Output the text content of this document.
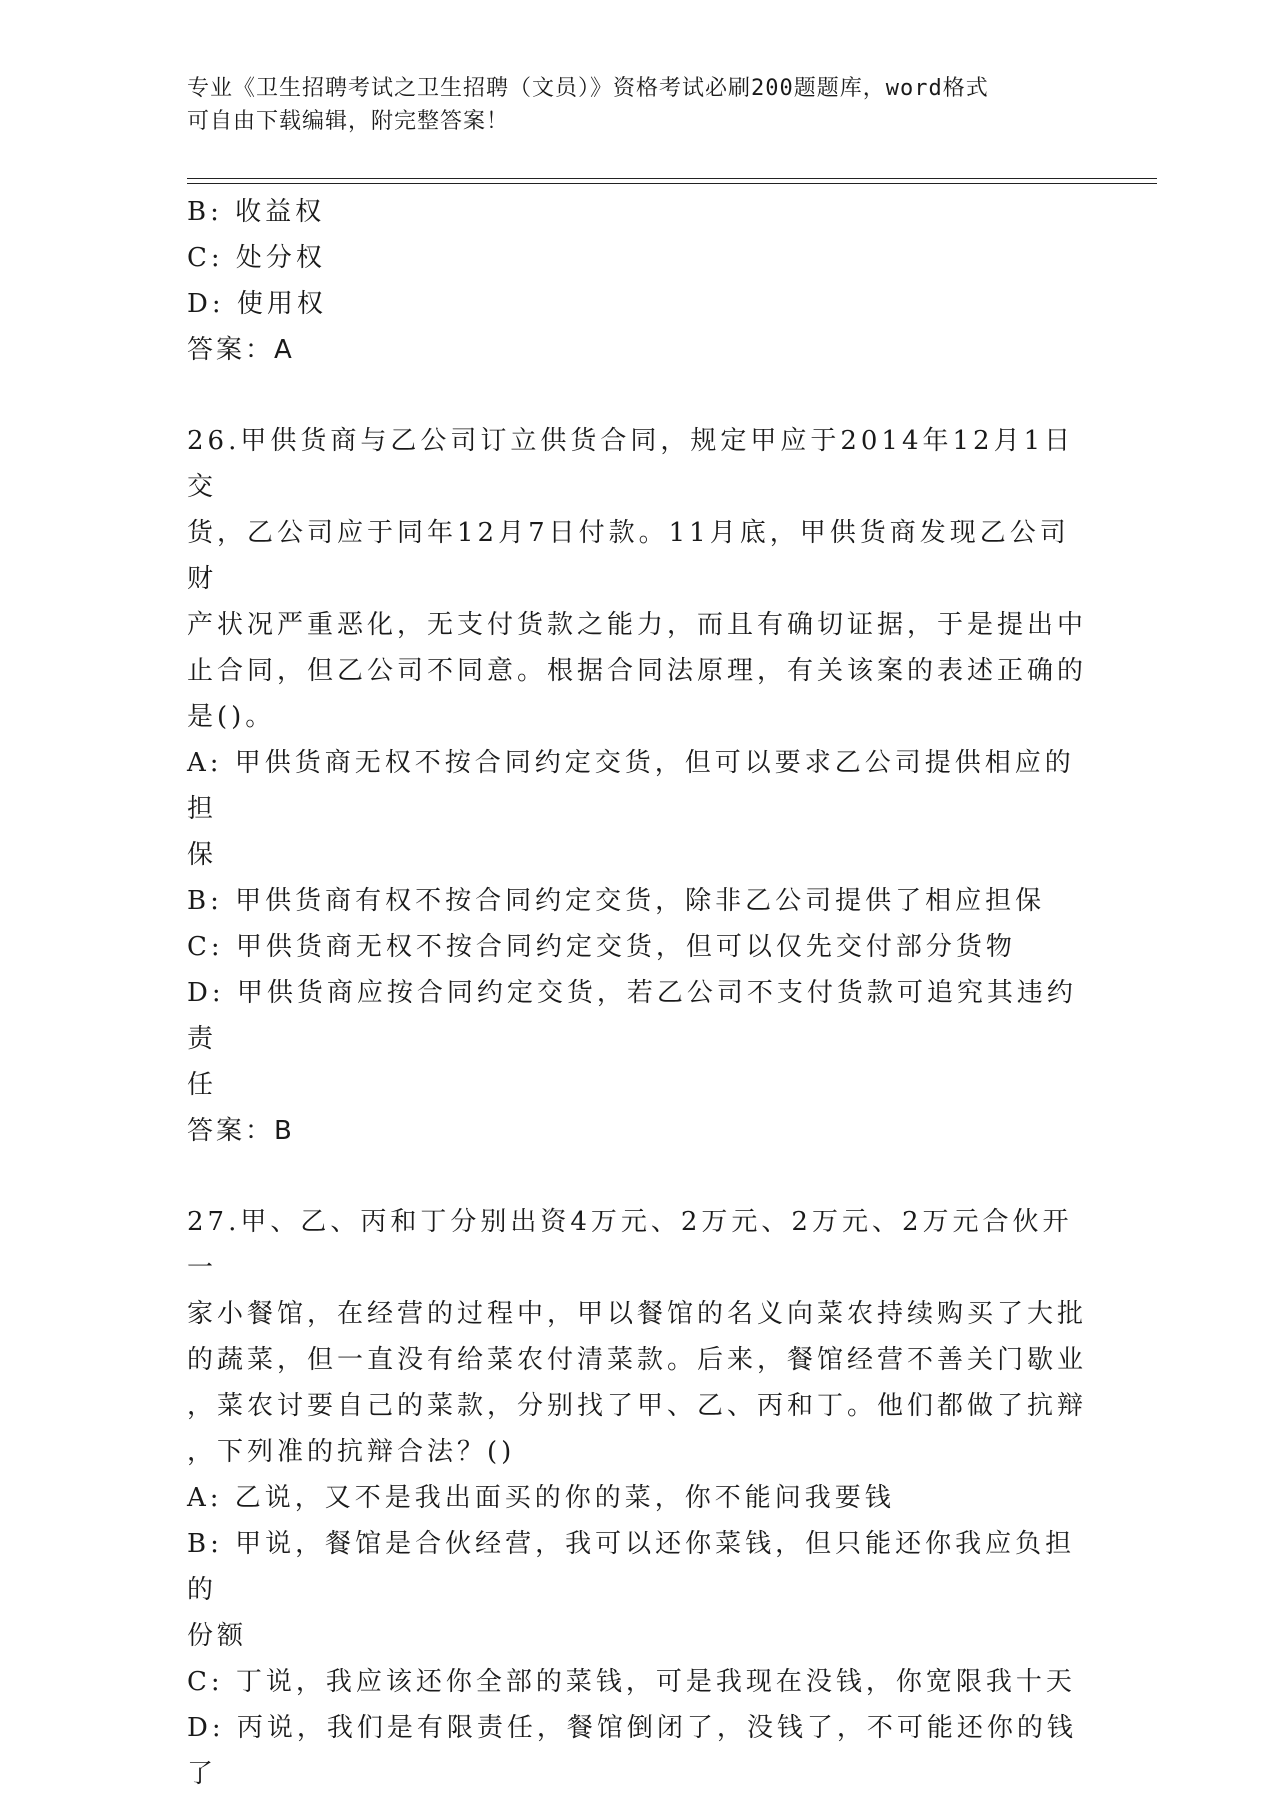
专业《卫生招聘考试之卫生招聘（文员）》资格考试必刷200题题库，word格式
可自由下载编辑，附完整答案！

B: 收益权

C: 处分权

D: 使用权

答案：A

26.甲供货商与乙公司订立供货合同，规定甲应于2014年12月1日交

货，乙公司应于同年12月7日付款。11月底，甲供货商发现乙公司财

产状况严重恶化，无支付货款之能力，而且有确切证据，于是提出中

止合同，但乙公司不同意。根据合同法原理，有关该案的表述正确的

是()。

A: 甲供货商无权不按合同约定交货，但可以要求乙公司提供相应的担

保

B: 甲供货商有权不按合同约定交货，除非乙公司提供了相应担保

C: 甲供货商无权不按合同约定交货，但可以仅先交付部分货物

D: 甲供货商应按合同约定交货，若乙公司不支付货款可追究其违约责

任

答案：B

27.甲、乙、丙和丁分别出资4万元、2万元、2万元、2万元合伙开一

家小餐馆，在经营的过程中，甲以餐馆的名义向菜农持续购买了大批

的蔬菜，但一直没有给菜农付清菜款。后来，餐馆经营不善关门歇业

，菜农讨要自己的菜款，分别找了甲、乙、丙和丁。他们都做了抗辩

，下列准的抗辩合法？()

A: 乙说，又不是我出面买的你的菜，你不能问我要钱

B: 甲说，餐馆是合伙经营，我可以还你菜钱，但只能还你我应负担的

份额

C: 丁说，我应该还你全部的菜钱，可是我现在没钱，你宽限我十天

D: 丙说，我们是有限责任，餐馆倒闭了，没钱了，不可能还你的钱了
